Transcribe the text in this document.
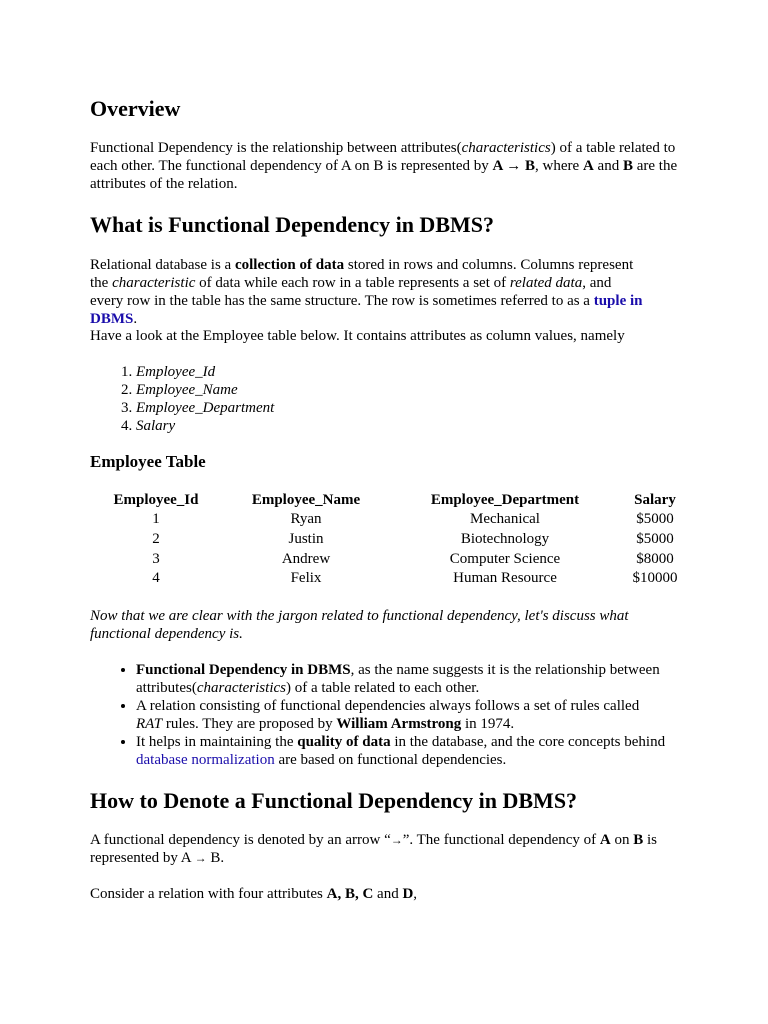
Overview

Functional Dependency is the relationship between attributes(characteristics) of a table related to each other. The functional dependency of A on B is represented by A → B, where A and B are the attributes of the relation.

What is Functional Dependency in DBMS?

Relational database is a collection of data stored in rows and columns. Columns represent the characteristic of data while each row in a table represents a set of related data, and every row in the table has the same structure. The row is sometimes referred to as a tuple in DBMS.

Have a look at the Employee table below. It contains attributes as column values, namely

1. Employee_Id
2. Employee_Name
3. Employee_Department
4. Salary
Employee Table
Employee_Id	Employee_Name	Employee_Department	Salary
1	Ryan	Mechanical	$5000
2	Justin	Biotechnology	$5000
3	Andrew	Computer Science	$8000
4	Felix	Human Resource	$10000

Now that we are clear with the jargon related to functional dependency, let's discuss what functional dependency is.

• Functional Dependency in DBMS, as the name suggests it is the relationship between attributes(characteristics) of a table related to each other.
• A relation consisting of functional dependencies always follows a set of rules called RAT rules. They are proposed by William Armstrong in 1974.
• It helps in maintaining the quality of data in the database, and the core concepts behind database normalization are based on functional dependencies.
How to Denote a Functional Dependency in DBMS?

A functional dependency is denoted by an arrow “→”. The functional dependency of A on B is represented by A → B.

Consider a relation with four attributes A, B, C and D,
